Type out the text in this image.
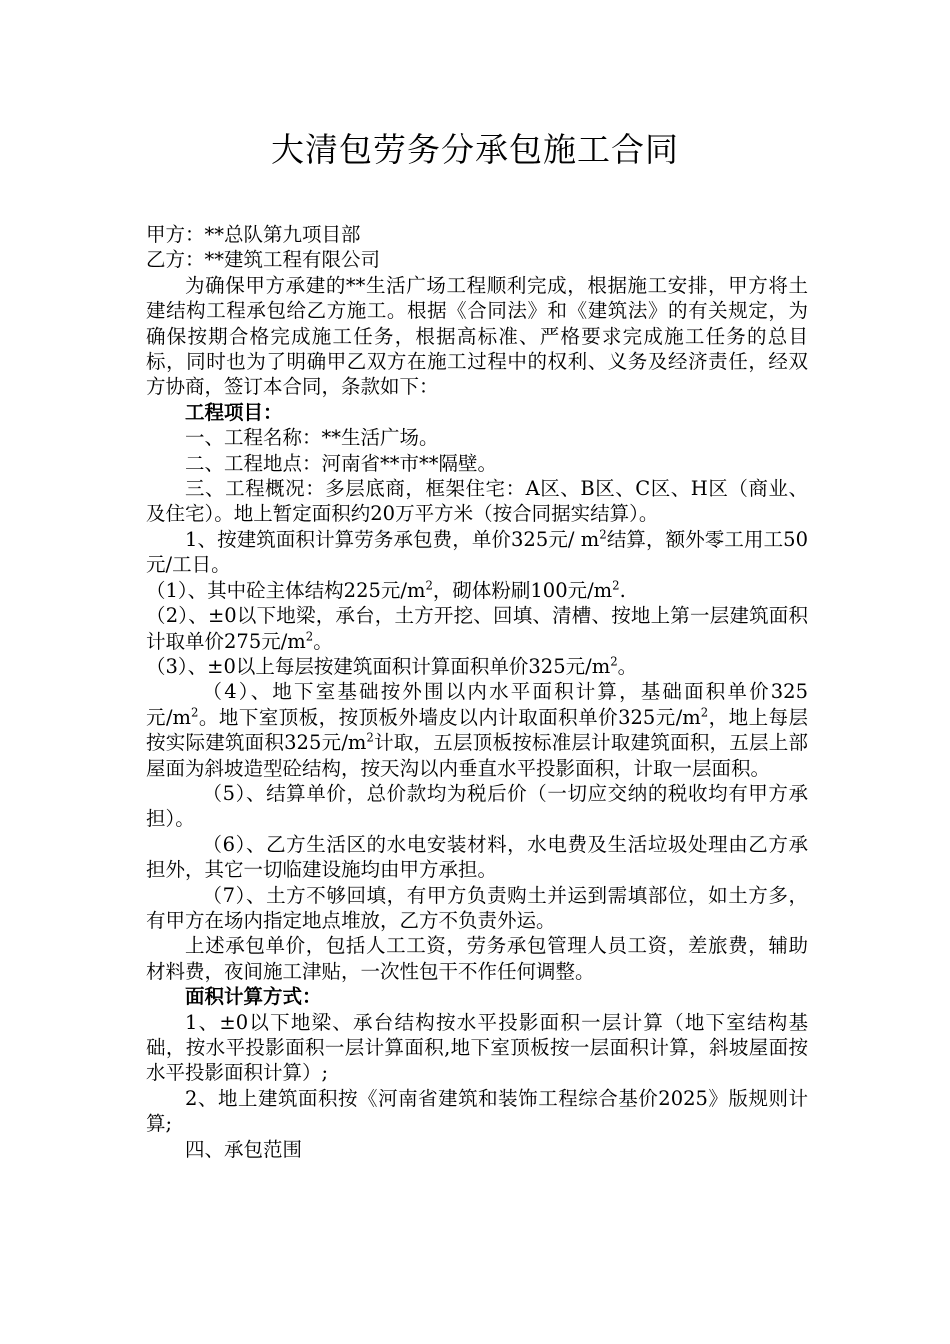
大清包劳务分承包施工合同

甲方：**总队第九项目部

乙方：**建筑工程有限公司

为确保甲方承建的**生活广场工程顺利完成，根据施工安排，甲方将土建结构工程承包给乙方施工。根据《合同法》和《建筑法》的有关规定，为确保按期合格完成施工任务，根据高标准、严格要求完成施工任务的总目标，同时也为了明确甲乙双方在施工过程中的权利、义务及经济责任，经双方协商，签订本合同，条款如下：

工程项目：

一、工程名称：**生活广场。

二、工程地点：河南省**市**隔壁。

三、工程概况：多层底商，框架住宅：A区、B区、C区、H区（商业、及住宅）。地上暂定面积约20万平方米（按合同据实结算）。

1、按建筑面积计算劳务承包费，单价325元/ $m^2$结算，额外零工用工50元/工日。

（1）、其中砼主体结构225元$/m^2$，砌体粉刷100元$/m^2$.

（2）、±0以下地梁，承台，土方开挖、回填、清槽、按地上第一层建筑面积计取单价275元$/m^2$。

（3）、±0以上每层按建筑面积计算面积单价325元$/m^2$。

（4）、地下室基础按外围以内水平面积计算，基础面积单价325元$/m^2$。地下室顶板，按顶板外墙皮以内计取面积单价325元$/m^2$，地上每层按实际建筑面积325元$/m^2$计取，五层顶板按标准层计取建筑面积，五层上部屋面为斜坡造型砼结构，按天沟以内垂直水平投影面积，计取一层面积。

（5）、结算单价，总价款均为税后价（一切应交纳的税收均有甲方承担）。

（6）、乙方生活区的水电安装材料，水电费及生活垃圾处理由乙方承担外，其它一切临建设施均由甲方承担。

（7）、土方不够回填，有甲方负责购土并运到需填部位，如土方多，有甲方在场内指定地点堆放，乙方不负责外运。

上述承包单价，包括人工工资，劳务承包管理人员工资，差旅费，辅助材料费，夜间施工津贴，一次性包干不作任何调整。

面积计算方式：

1、±0以下地梁、承台结构按水平投影面积一层计算（地下室结构基础，按水平投影面积一层计算面积,地下室顶板按一层面积计算，斜坡屋面按水平投影面积计算）;

2、地上建筑面积按《河南省建筑和装饰工程综合基价2025》版规则计算;

四、承包范围
